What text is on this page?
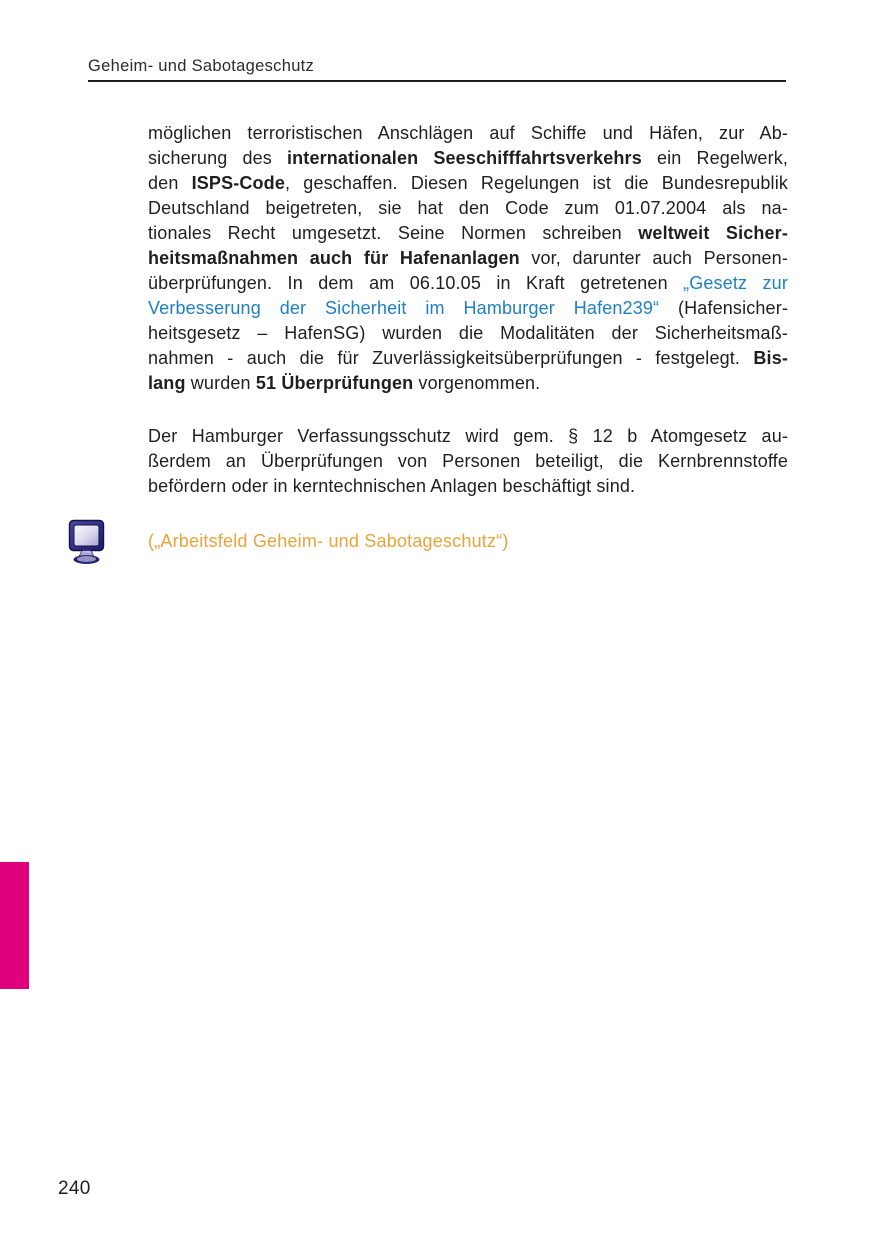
Geheim- und Sabotageschutz
möglichen terroristischen Anschlägen auf Schiffe und Häfen, zur Ab-
sicherung des internationalen Seeschifffahrtsverkehrs ein Regelwerk,
den ISPS-Code, geschaffen. Diesen Regelungen ist die Bundesrepublik
Deutschland beigetreten, sie hat den Code zum 01.07.2004 als na-
tionales Recht umgesetzt. Seine Normen schreiben weltweit Sicher-
heitsmaßnahmen auch für Hafenanlagen vor, darunter auch Personen-
überprüfungen. In dem am 06.10.05 in Kraft getretenen „Gesetz zur
Verbesserung der Sicherheit im Hamburger Hafen239“ (Hafensicher-
heitsgesetz – HafenSG) wurden die Modalitäten der Sicherheitsmaß-
nahmen - auch die für Zuverlässigkeitsüberprüfungen - festgelegt. Bis-
lang wurden 51 Überprüfungen vorgenommen.
Der Hamburger Verfassungsschutz wird gem. § 12 b Atomgesetz au-
ßerdem an Überprüfungen von Personen beteiligt, die Kernbrennstoffe
befördern oder in kerntechnischen Anlagen beschäftigt sind.
(„Arbeitsfeld Geheim- und Sabotageschutz“)
240
